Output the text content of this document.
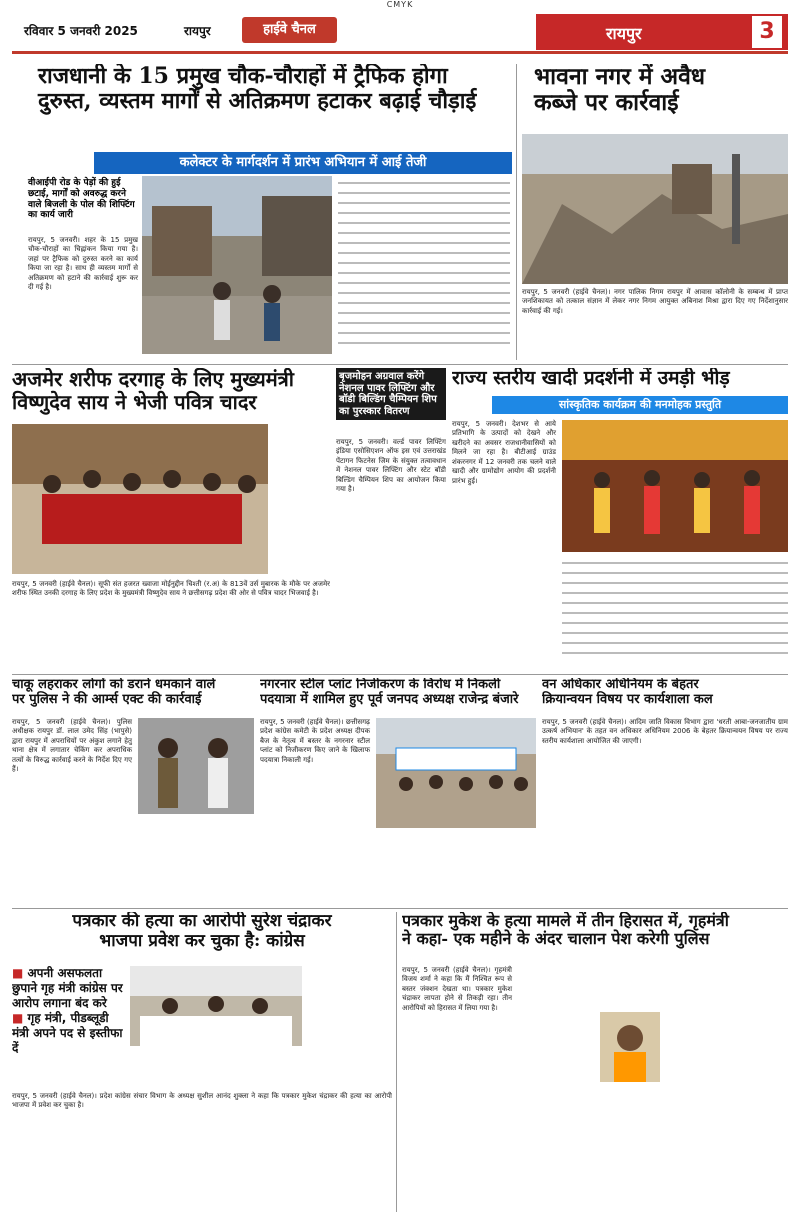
CMYK
रविवार 5 जनवरी 2025	रायपुर	हाईवे चैनल	रायपुर	3
राजधानी के 15 प्रमुख चौक-चौराहों में ट्रैफिक होगा
दुरुस्त, व्यस्तम मार्गों से अतिक्रमण हटाकर बढ़ाई चौड़ाई
कलेक्टर के मार्गदर्शन में प्रारंभ अभियान में आई तेजी
वीआईपी रोड के पेड़ों की हुई छटाई, मार्गों को अवरुद्ध करने वाले बिजली के पोल की शिफ्टिंग का कार्य जारी
रायपुर, 5 जनवरी। शहर के 15 प्रमुख चौक-चौराहों का चिह्नांकन किया गया है। जहां पर ट्रैफिक को दुरुस्त करने का कार्य किया जा रहा है। साथ ही व्यस्तम मार्गों से अतिक्रमण को हटाने की कार्रवाई शुरू कर दी गई है।
भावना नगर में अवैध
कब्जे पर कार्रवाई
रायपुर, 5 जनवरी (हाईवे चैनल)। नगर पालिक निगम रायपुर में आवास कॉलोनी के सम्बन्ध में प्राप्त जनशिकायत को तत्काल संज्ञान में लेकर नगर निगम आयुक्त अबिनाश मिश्रा द्वारा दिए गए निर्देशानुसार कार्रवाई की गई।
अजमेर शरीफ दरगाह के लिए मुख्यमंत्री
विष्णुदेव साय ने भेजी पवित्र चादर
रायपुर, 5 जनवरी (हाईवे चैनल)। सूफी संत हजरत ख्वाजा मोईनुद्दीन चिश्ती (र.अ) के 813वें उर्स मुबारक के मौके पर अजमेर शरीफ स्थित उनकी दरगाह के लिए प्रदेश के मुख्यमंत्री विष्णुदेव साय ने छत्तीसगढ़ प्रदेश की ओर से पवित्र चादर भिजवाई है।
बृजमोहन अग्रवाल करेंगे नेशनल पावर लिफ्टिंग और बॉडी बिल्डिंग चैम्पियन शिप का पुरस्कार वितरण
रायपुर, 5 जनवरी। वर्ल्ड पावर लिफ्टिंग इंडिया एसोसिएशन ऑफ इस एवं उत्तराखंड पेंटागन फिटनेस जिम के संयुक्त तत्वावधान में नेशनल पावर लिफ्टिंग और स्टेट बॉडी बिल्डिंग चैम्पियन शिप का आयोजन किया गया है।
राज्य स्तरीय खादी प्रदर्शनी में उमड़ी भीड़
सांस्कृतिक कार्यक्रम की मनमोहक प्रस्तुति
रायपुर, 5 जनवरी। देशभर से आये प्रतिभागि के उत्पादों को देखने और खरीदने का अवसर राजधानीवासियों को मिलने जा रहा है। बीटीआई ग्राउंड शंकरनगर में 12 जनवरी तक चलने वाले खादी और ग्रामोद्योग आयोग की प्रदर्शनी प्रारंभ हुई।
चाकू लहराकर लोगों को डराने धमकाने वाले
पर पुलिस ने की आर्म्स एक्ट की कार्रवाई
रायपुर, 5 जनवरी (हाईवे चैनल)। पुलिस अधीक्षक रायपुर डॉ. लाल उमेद सिंह (भापुसे) द्वारा रायपुर में अपराधियों पर अंकुश लगाने हेतु थाना क्षेत्र में लगातार चेकिंग कर अपराधिक तत्वों के विरुद्ध कार्रवाई करने के निर्देश दिए गए हैं।
नगरनार स्टील प्लांट निजीकरण के विरोध में निकली
पदयात्रा में शामिल हुए पूर्व जनपद अध्यक्ष राजेन्द्र बंजारे
रायपुर, 5 जनवरी (हाईवे चैनल)। छत्तीसगढ़ प्रदेश कांग्रेस कमेटी के प्रदेश अध्यक्ष दीपक बैज के नेतृत्व में बस्तर के नगरनार स्टील प्लांट को निजीकरण किए जाने के खिलाफ पदयात्रा निकाली गई।
वन अधिकार अधिनियम के बेहतर
क्रियान्वयन विषय पर कार्यशाला कल
रायपुर, 5 जनवरी (हाईवे चैनल)। आदिम जाति विकास विभाग द्वारा 'धरती आबा-जनजातीय ग्राम उत्कर्ष अभियान' के तहत वन अधिकार अधिनियम 2006 के बेहतर क्रियान्वयन विषय पर राज्य स्तरीय कार्यशाला आयोजित की जाएगी।
पत्रकार की हत्या का आरोपी सुरेश चंद्राकर
भाजपा प्रवेश कर चुका है: कांग्रेस
■ अपनी असफलता छुपाने गृह मंत्री कांग्रेस पर आरोप लगाना बंद करे
■ गृह मंत्री, पीडब्लूडी मंत्री अपने पद से इस्तीफा दें
रायपुर, 5 जनवरी (हाईवे चैनल)। प्रदेश कांग्रेस संचार विभाग के अध्यक्ष सुशील आनंद शुक्ला ने कहा कि पत्रकार मुकेश चंद्राकर की हत्या का आरोपी भाजपा में प्रवेश कर चुका है।
पत्रकार मुकेश के हत्या मामले में तीन हिरासत में, गृहमंत्री
ने कहा- एक महीने के अंदर चालान पेश करेगी पुलिस
रायपुर, 5 जनवरी (हाईवे चैनल)। गृहमंत्री विजय शर्मा ने कहा कि मैं निश्चित रूप से बस्तर जंक्शन देखता था। पत्रकार मुकेश चंद्राकर लापता होने से तिकड़ी रहा। तीन आरोपियों को हिरासत में लिया गया है।
